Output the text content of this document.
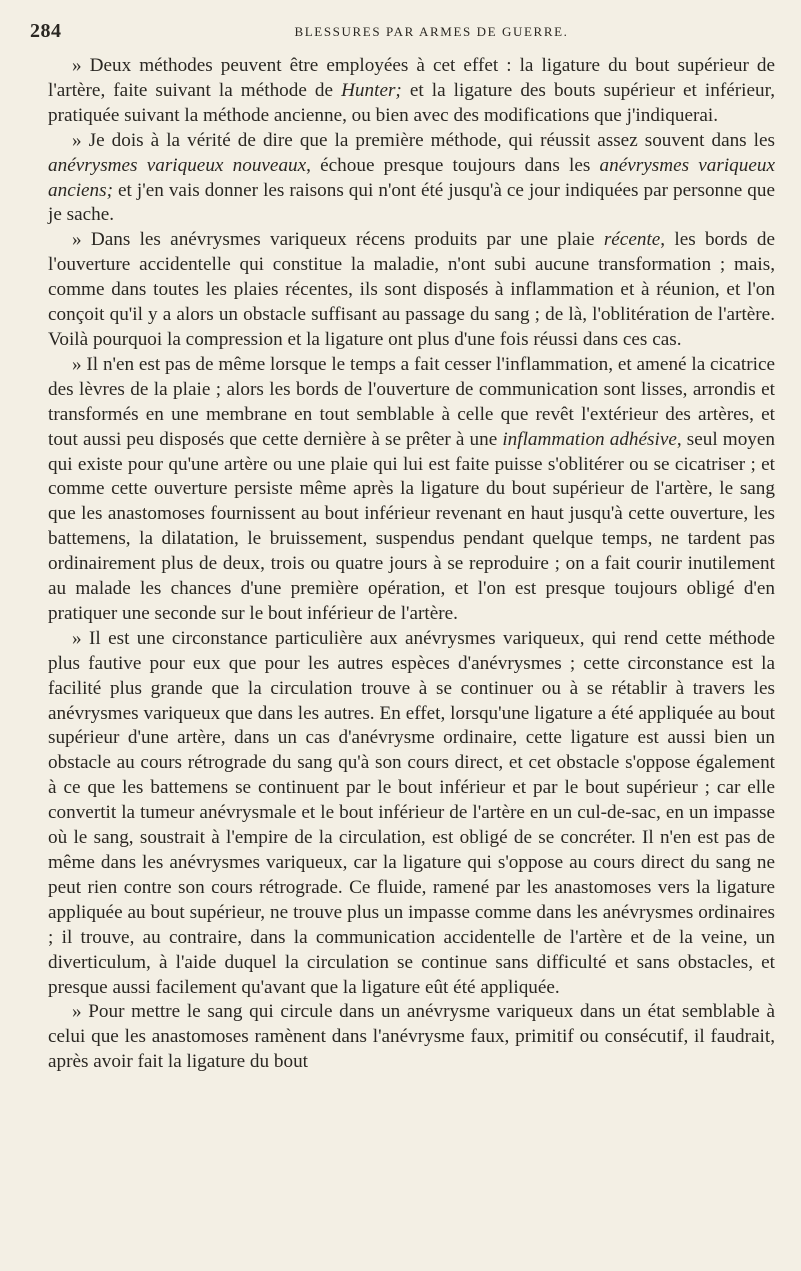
284	BLESSURES PAR ARMES DE GUERRE.

» Deux méthodes peuvent être employées à cet effet : la ligature du bout supérieur de l'artère, faite suivant la méthode de Hunter; et la ligature des bouts supérieur et inférieur, pratiquée suivant la méthode ancienne, ou bien avec des modifications que j'indiquerai.

» Je dois à la vérité de dire que la première méthode, qui réussit assez souvent dans les anévrysmes variqueux nouveaux, échoue presque toujours dans les anévrysmes variqueux anciens; et j'en vais donner les raisons qui n'ont été jusqu'à ce jour indiquées par personne que je sache.

» Dans les anévrysmes variqueux récens produits par une plaie récente, les bords de l'ouverture accidentelle qui constitue la maladie, n'ont subi aucune transformation ; mais, comme dans toutes les plaies récentes, ils sont disposés à inflammation et à réunion, et l'on conçoit qu'il y a alors un obstacle suffisant au passage du sang ; de là, l'oblitération de l'artère. Voilà pourquoi la compression et la ligature ont plus d'une fois réussi dans ces cas.

» Il n'en est pas de même lorsque le temps a fait cesser l'inflammation, et amené la cicatrice des lèvres de la plaie ; alors les bords de l'ouverture de communication sont lisses, arrondis et transformés en une membrane en tout semblable à celle que revêt l'extérieur des artères, et tout aussi peu disposés que cette dernière à se prêter à une inflammation adhésive, seul moyen qui existe pour qu'une artère ou une plaie qui lui est faite puisse s'oblitérer ou se cicatriser ; et comme cette ouverture persiste même après la ligature du bout supérieur de l'artère, le sang que les anastomoses fournissent au bout inférieur revenant en haut jusqu'à cette ouverture, les battemens, la dilatation, le bruissement, suspendus pendant quelque temps, ne tardent pas ordinairement plus de deux, trois ou quatre jours à se reproduire ; on a fait courir inutilement au malade les chances d'une première opération, et l'on est presque toujours obligé d'en pratiquer une seconde sur le bout inférieur de l'artère.

» Il est une circonstance particulière aux anévrysmes variqueux, qui rend cette méthode plus fautive pour eux que pour les autres espèces d'anévrysmes ; cette circonstance est la facilité plus grande que la circulation trouve à se continuer ou à se rétablir à travers les anévrysmes variqueux que dans les autres. En effet, lorsqu'une ligature a été appliquée au bout supérieur d'une artère, dans un cas d'anévrysme ordinaire, cette ligature est aussi bien un obstacle au cours rétrograde du sang qu'à son cours direct, et cet obstacle s'oppose également à ce que les battemens se continuent par le bout inférieur et par le bout supérieur ; car elle convertit la tumeur anévrysmale et le bout inférieur de l'artère en un cul-de-sac, en un impasse où le sang, soustrait à l'empire de la circulation, est obligé de se concréter. Il n'en est pas de même dans les anévrysmes variqueux, car la ligature qui s'oppose au cours direct du sang ne peut rien contre son cours rétrograde. Ce fluide, ramené par les anastomoses vers la ligature appliquée au bout supérieur, ne trouve plus un impasse comme dans les anévrysmes ordinaires ; il trouve, au contraire, dans la communication accidentelle de l'artère et de la veine, un diverticulum, à l'aide duquel la circulation se continue sans difficulté et sans obstacles, et presque aussi facilement qu'avant que la ligature eût été appliquée.

» Pour mettre le sang qui circule dans un anévrysme variqueux dans un état semblable à celui que les anastomoses ramènent dans l'anévrysme faux, primitif ou consécutif, il faudrait, après avoir fait la ligature du bout
